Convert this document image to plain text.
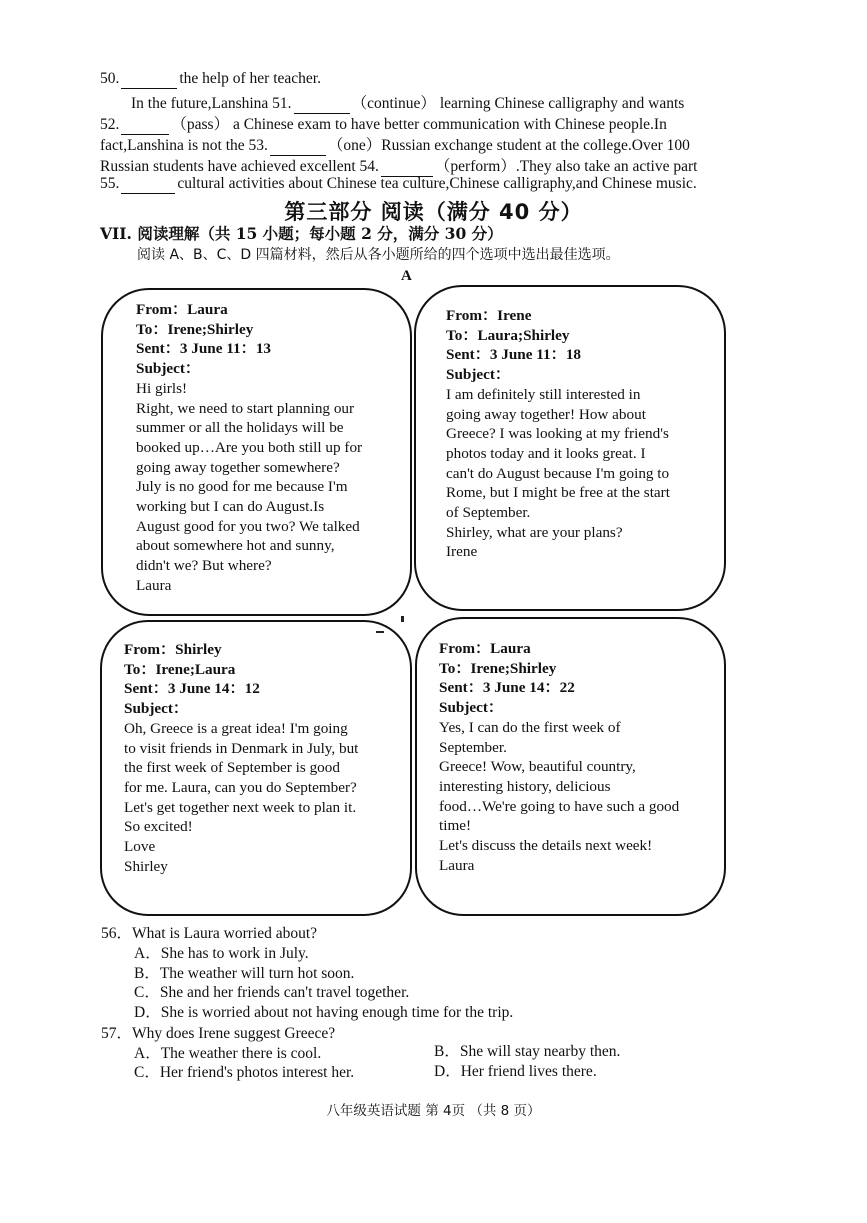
50.	the help of her teacher.
In the future,Lanshina 51.	（continue） learning Chinese calligraphy and wants
52.	（pass） a Chinese exam to have better communication with Chinese people.In
fact,Lanshina is not the 53.	（one）Russian exchange student at the college.Over 100
Russian students have achieved excellent 54.	（perform）.They also take an active part
55.	cultural activities about Chinese tea culture,Chinese calligraphy,and Chinese music.
第三部分 阅读（满分 40 分）
VII. 阅读理解（共 15 小题；每小题 2 分，满分 30 分）
阅读 A、B、C、D 四篇材料，然后从各小题所给的四个选项中选出最佳选项。
A
From：Laura
To：Irene;Shirley
Sent：3 June 11：13
Subject：
Hi girls!
Right, we need to start planning our
summer or all the holidays will be
booked up…Are you both still up for
going away together somewhere?
July is no good for me because I'm
working but I can do August.Is
August good for you two? We talked
about somewhere hot and sunny,
didn't we? But where?
Laura
From：Irene
To：Laura;Shirley
Sent：3 June 11：18
Subject：
I am definitely still interested in
going away together! How about
Greece? I was looking at my friend's
photos today and it looks great. I
can't do August because I'm going to
Rome, but I might be free at the start
of September.
Shirley, what are your plans?
Irene
From：Shirley
To：Irene;Laura
Sent：3 June 14：12
Subject：
Oh, Greece is a great idea! I'm going
to visit friends in Denmark in July, but
the first week of September is good
for me. Laura, can you do September?
Let's get together next week to plan it.
So excited!
Love
Shirley
From：Laura
To：Irene;Shirley
Sent：3 June 14：22
Subject：
Yes, I can do the first week of
September.
Greece! Wow, beautiful country,
interesting history, delicious
food…We're going to have such a good
time!
Let's discuss the details next week!
Laura
56．What is Laura worried about?
A．She has to work in July.
B．The weather will turn hot soon.
C．She and her friends can't travel together.
D．She is worried about not having enough time for the trip.
57．Why does Irene suggest Greece?
A．The weather there is cool.	B．She will stay nearby then.
C．Her friend's photos interest her.	D．Her friend lives there.
八年级英语试题 第 4页 （共 8 页）
